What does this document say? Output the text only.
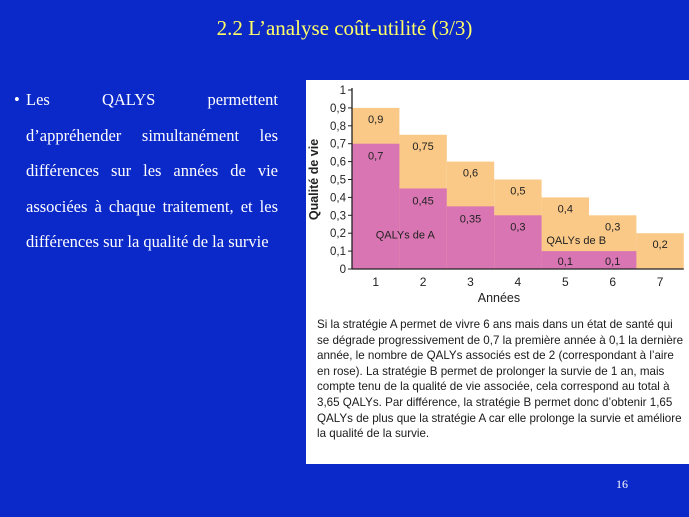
2.2 L’analyse coût-utilité (3/3)
• Les QALYS permettent d’appréhender simultanément les différences sur les années de vie associées à chaque traitement, et les différences sur la qualité de la survie
0
0,1
0,2
0,3
0,4
0,5
0,6
0,7
0,8
0,9
1
1	2	3	4	5	6	7
Années
Qualité de vie
0,9
0,75
0,6
0,5
0,4
0,3
0,2
0,7
0,45
0,35
0,3
0,1	0,1
QALYs de A	QALYs de B
Si la stratégie A permet de vivre 6 ans mais dans un état de santé qui se dégrade progressivement de 0,7 la première année à 0,1 la dernière année, le nombre de QALYs associés est de 2 (correspondant à l’aire en rose). La stratégie B permet de prolonger la survie de 1 an, mais compte tenu de la qualité de vie associée, cela correspond au total à 3,65 QALYs. Par différence, la stratégie B permet donc d’obtenir 1,65 QALYs de plus que la stratégie A car elle prolonge la survie et améliore la qualité de la survie.
16
